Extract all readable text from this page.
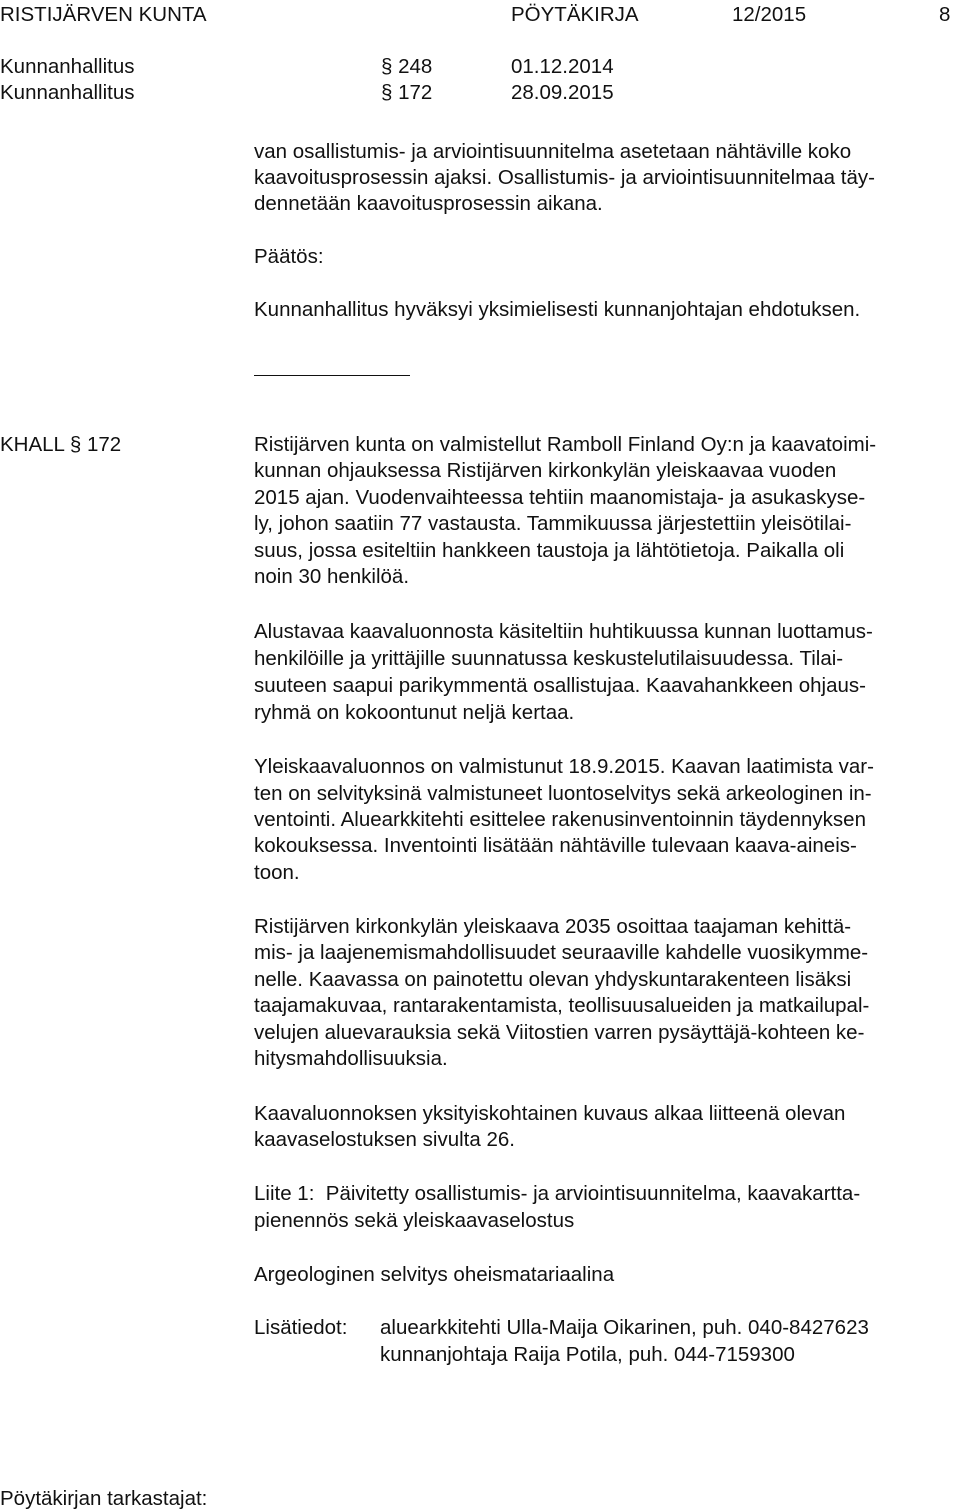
RISTIJÄRVEN KUNTA	PÖYTÄKIRJA	12/2015	8
Kunnanhallitus	§ 248	01.12.2014
Kunnanhallitus	§ 172	28.09.2015
van osallistumis- ja arviointisuunnitelma asetetaan nähtäville koko
kaavoitusprosessin ajaksi. Osallistumis- ja arviointisuunnitelmaa täy-
dennetään kaavoitusprosessin aikana.
Päätös:
Kunnanhallitus hyväksyi yksimielisesti kunnanjohtajan ehdotuksen.
KHALL § 172	Ristijärven kunta on valmistellut Ramboll Finland Oy:n ja kaavatoimi-
kunnan ohjauksessa Ristijärven kirkonkylän yleiskaavaa vuoden
2015 ajan. Vuodenvaihteessa tehtiin maanomistaja- ja asukaskyse-
ly, johon saatiin 77 vastausta. Tammikuussa järjestettiin yleisötilai-
suus, jossa esiteltiin hankkeen taustoja ja lähtötietoja. Paikalla oli
noin 30 henkilöä.
Alustavaa kaavaluonnosta käsiteltiin huhtikuussa kunnan luottamus-
henkilöille ja yrittäjille suunnatussa keskustelutilaisuudessa. Tilai-
suuteen saapui parikymmentä osallistujaa. Kaavahankkeen ohjaus-
ryhmä on kokoontunut neljä kertaa.
Yleiskaavaluonnos on valmistunut 18.9.2015. Kaavan laatimista var-
ten on selvityksinä valmistuneet luontoselvitys sekä arkeologinen in-
ventointi. Aluearkkitehti esittelee rakenusinventoinnin täydennyksen
kokouksessa. Inventointi lisätään nähtäville tulevaan kaava-aineis-
toon.
Ristijärven kirkonkylän yleiskaava 2035 osoittaa taajaman kehittä-
mis- ja laajenemismahdollisuudet seuraaville kahdelle vuosikymme-
nelle. Kaavassa on painotettu olevan yhdyskuntarakenteen lisäksi
taajamakuvaa, rantarakentamista, teollisuusalueiden ja matkailupal-
velujen aluevarauksia sekä Viitostien varren pysäyttäjä-kohteen ke-
hitysmahdollisuuksia.
Kaavaluonnoksen yksityiskohtainen kuvaus alkaa liitteenä olevan
kaavaselostuksen sivulta 26.
Liite 1:  Päivitetty osallistumis- ja arviointisuunnitelma, kaavakartta-
pienennös sekä yleiskaavaselostus
Argeologinen selvitys oheismatariaalina
Lisätiedot: aluearkkitehti Ulla-Maija Oikarinen, puh. 040-8427623
kunnanjohtaja Raija Potila, puh. 044-7159300
Pöytäkirjan tarkastajat:
